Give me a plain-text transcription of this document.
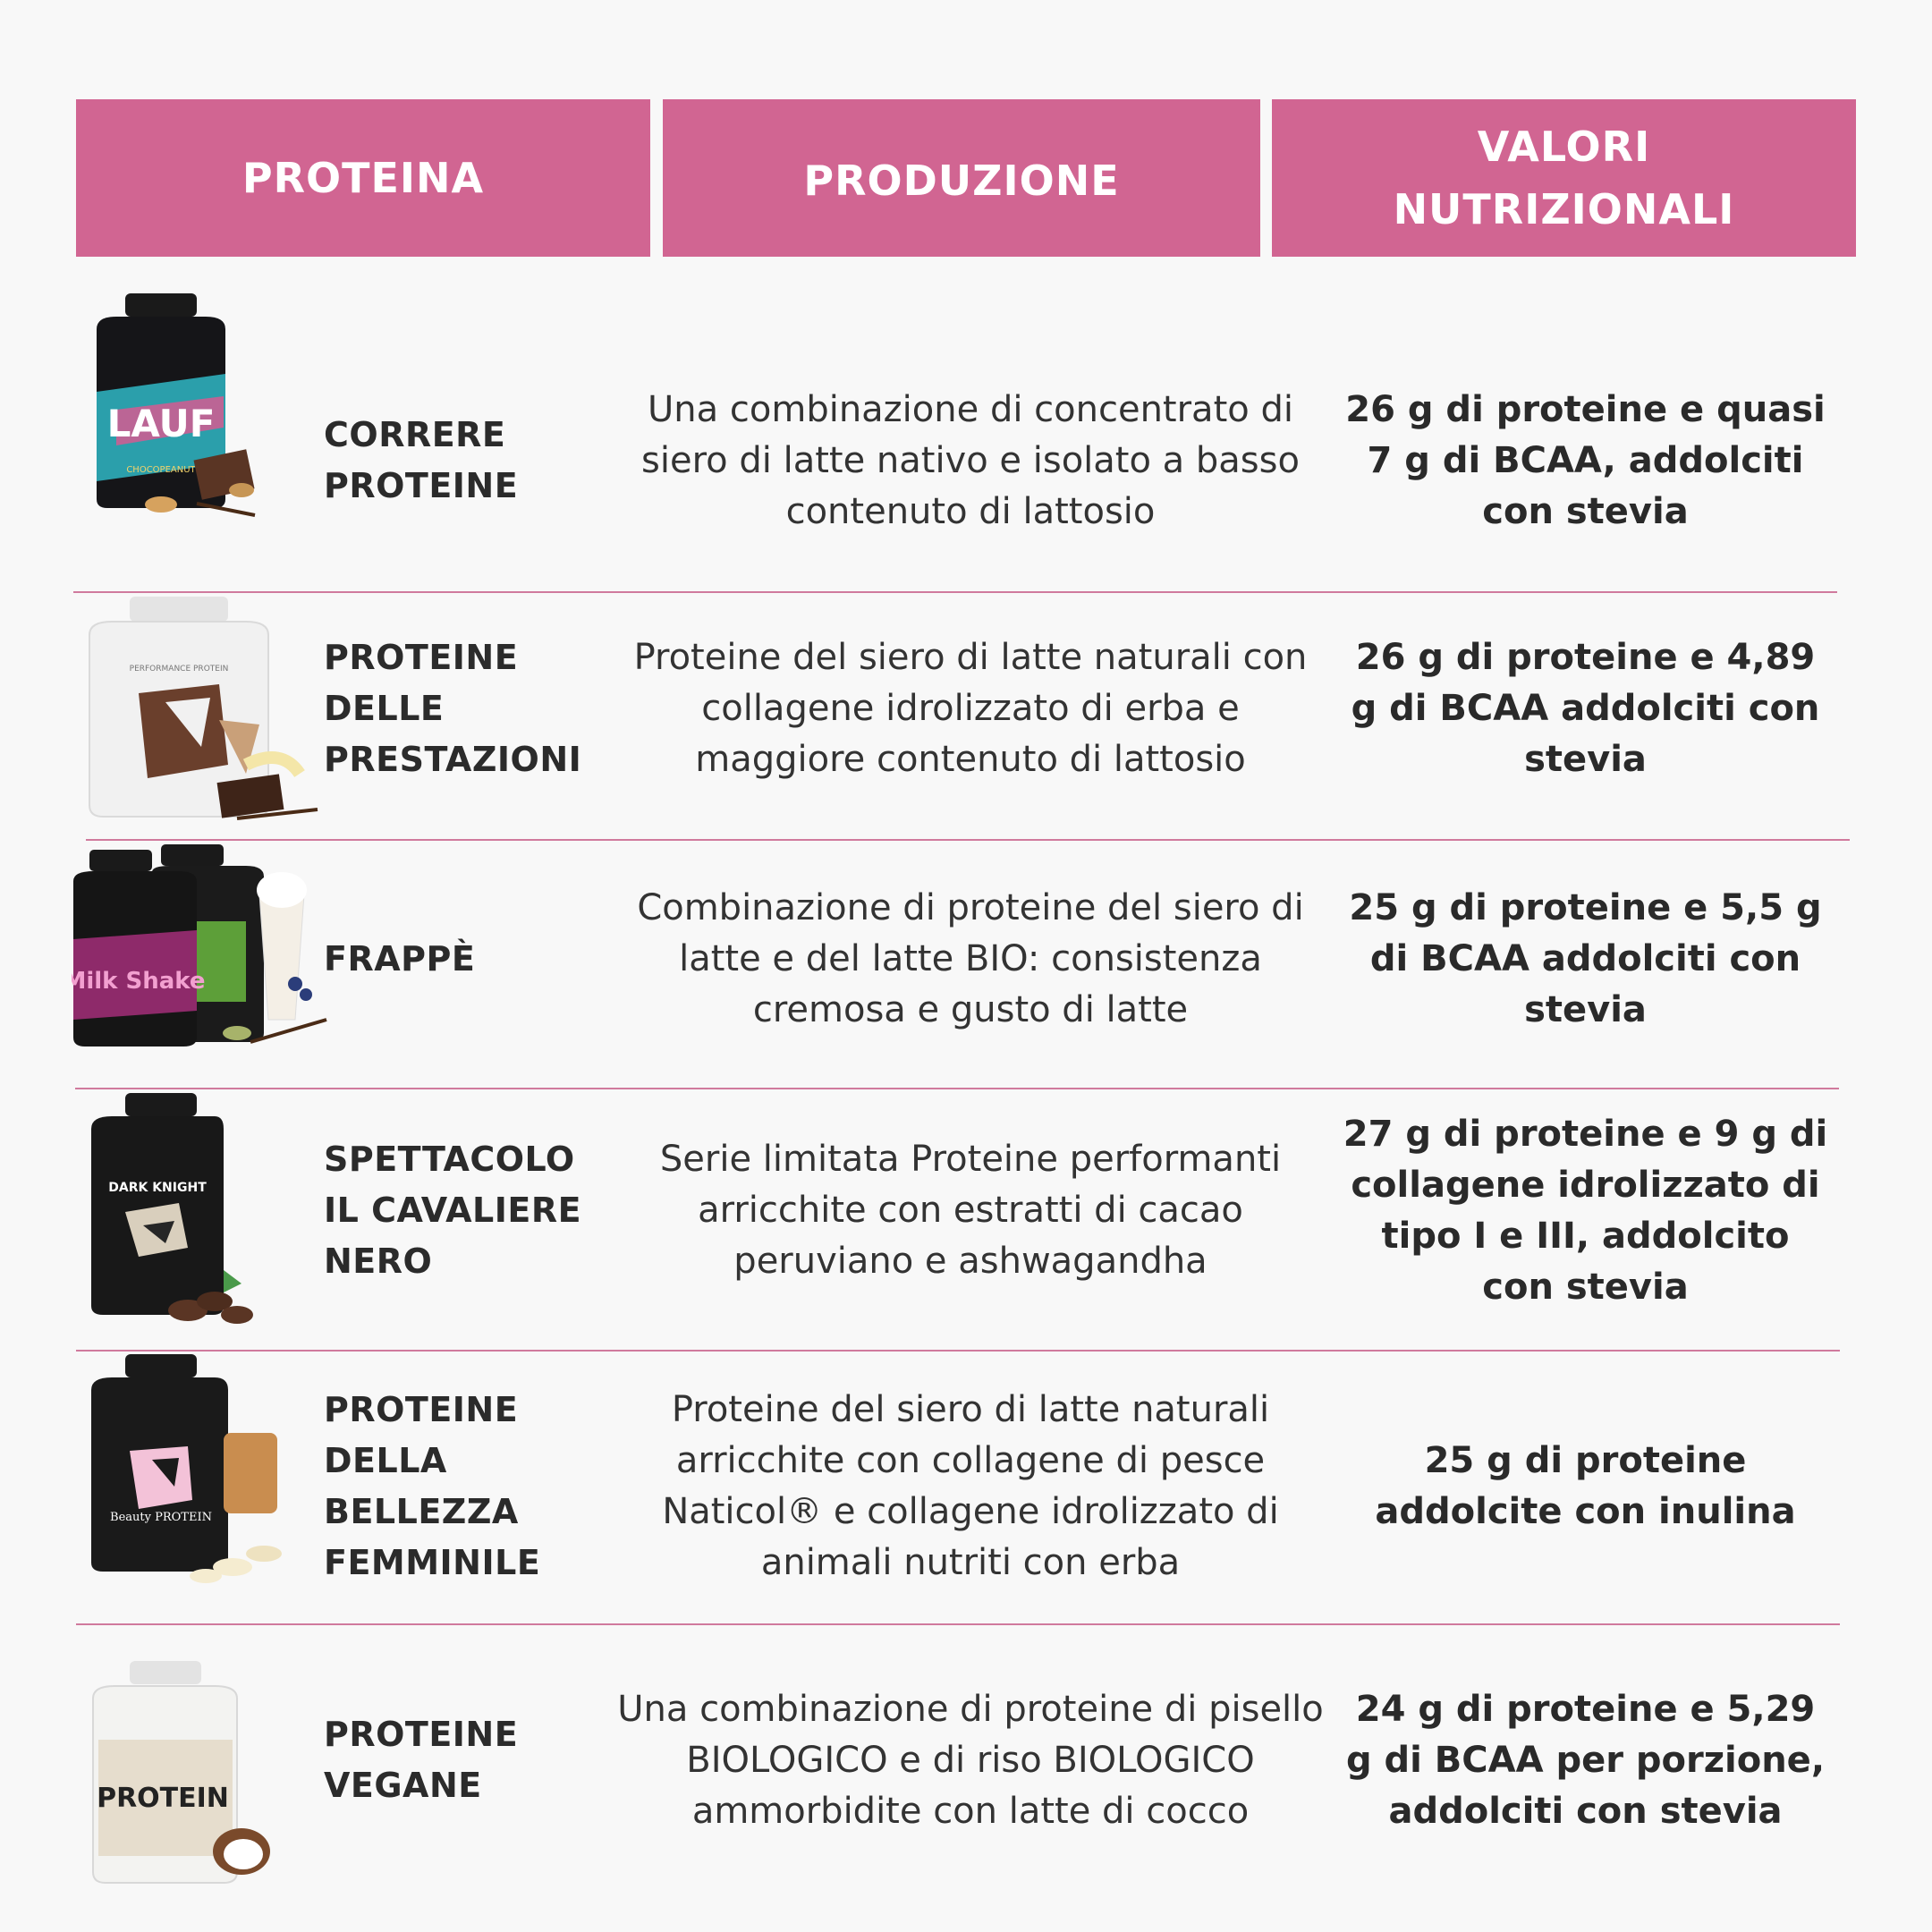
PROTEINA	PRODUZIONE
VALORI NUTRIZIONALI
LAUF
CHOCOPEANUT
CORRERE PROTEINE
Una combinazione di concentrato di siero di latte nativo e isolato a basso contenuto di lattosio
26 g di proteine e quasi 7 g di BCAA, addolciti con stevia
PERFORMANCE PROTEIN	PROTEINE DELLE PRESTAZIONI
Proteine del siero di latte naturali con collagene idrolizzato di erba e maggiore contenuto di lattosio
26 g di proteine e 4,89 g di BCAA addolciti con stevia
Milk Shake
FRAPPÈ
Combinazione di proteine del siero di latte e del latte BIO: consistenza cremosa e gusto di latte
25 g di proteine e 5,5 g di BCAA addolciti con stevia
DARK KNIGHT
SPETTACOLO IL CAVALIERE NERO
Serie limitata Proteine performanti arricchite con estratti di cacao peruviano e ashwagandha
27 g di proteine e 9 g di collagene idrolizzato di tipo I e III, addolcito con stevia
Beauty PROTEIN
PROTEINE DELLA BELLEZZA FEMMINILE
Proteine del siero di latte naturali arricchite con collagene di pesce Naticol® e collagene idrolizzato di animali nutriti con erba
25 g di proteine addolcite con inulina
PROTEIN
PROTEINE VEGANE
Una combinazione di proteine di pisello BIOLOGICO e di riso BIOLOGICO ammorbidite con latte di cocco
24 g di proteine e 5,29 g di BCAA per porzione, addolciti con stevia
